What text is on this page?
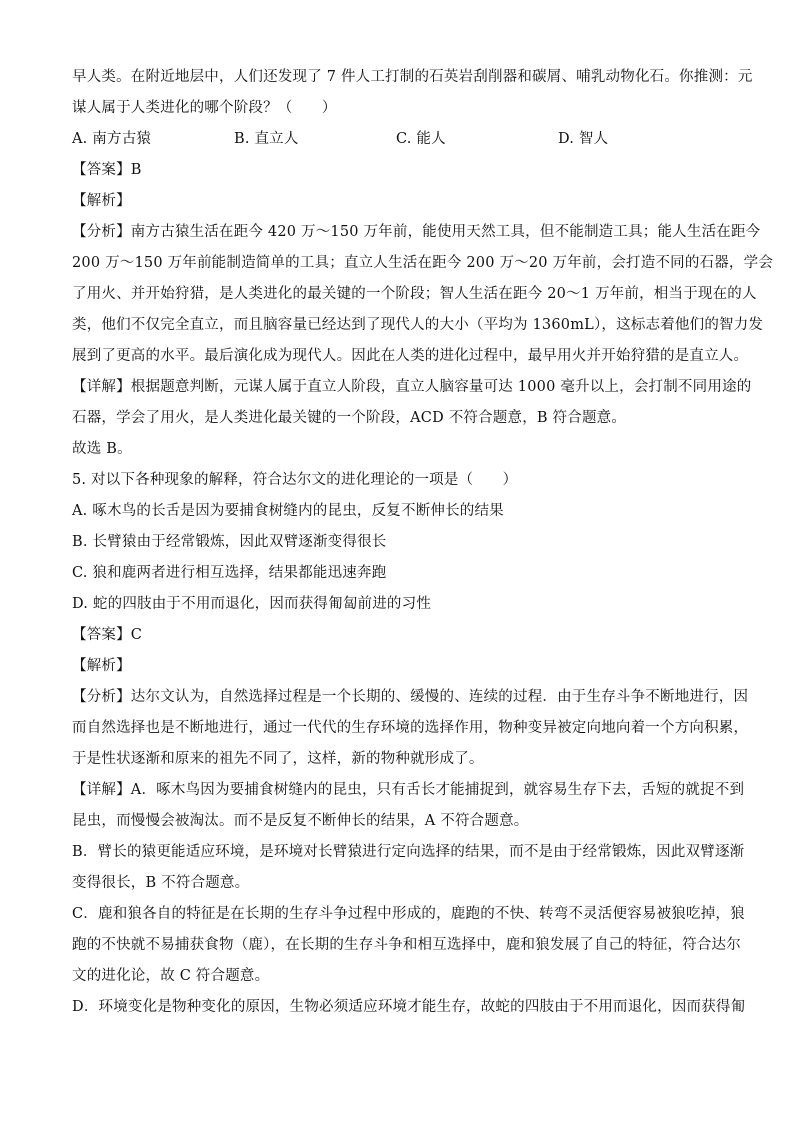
早人类。在附近地层中，人们还发现了 7 件人工打制的石英岩刮削器和碳屑、哺乳动物化石。你推测：元
谋人属于人类进化的哪个阶段？（　　）
A. 南方古猿	B. 直立人	C. 能人	D. 智人
【答案】B
【解析】
【分析】南方古猿生活在距今 420 万～150 万年前，能使用天然工具，但不能制造工具；能人生活在距今
200 万～150 万年前能制造简单的工具；直立人生活在距今 200 万～20 万年前，会打造不同的石器，学会
了用火、并开始狩猎，是人类进化的最关键的一个阶段；智人生活在距今 20～1 万年前，相当于现在的人
类，他们不仅完全直立，而且脑容量已经达到了现代人的大小（平均为 1360mL），这标志着他们的智力发
展到了更高的水平。最后演化成为现代人。因此在人类的进化过程中，最早用火并开始狩猎的是直立人。
【详解】根据题意判断，元谋人属于直立人阶段，直立人脑容量可达 1000 毫升以上，会打制不同用途的
石器，学会了用火，是人类进化最关键的一个阶段，ACD 不符合题意，B 符合题意。
故选 B。
5. 对以下各种现象的解释，符合达尔文的进化理论的一项是（　　）
A. 啄木鸟的长舌是因为要捕食树缝内的昆虫，反复不断伸长的结果
B. 长臂猿由于经常锻炼，因此双臂逐渐变得很长
C. 狼和鹿两者进行相互选择，结果都能迅速奔跑
D. 蛇的四肢由于不用而退化，因而获得匍匐前进的习性
【答案】C
【解析】
【分析】达尔文认为，自然选择过程是一个长期的、缓慢的、连续的过程．由于生存斗争不断地进行，因
而自然选择也是不断地进行，通过一代代的生存环境的选择作用，物种变异被定向地向着一个方向积累，
于是性状逐渐和原来的祖先不同了，这样，新的物种就形成了。
【详解】A．啄木鸟因为要捕食树缝内的昆虫，只有舌长才能捕捉到，就容易生存下去，舌短的就捉不到
昆虫，而慢慢会被淘汰。而不是反复不断伸长的结果，A 不符合题意。
B．臂长的猿更能适应环境，是环境对长臂猿进行定向选择的结果，而不是由于经常锻炼，因此双臂逐渐
变得很长，B 不符合题意。
C．鹿和狼各自的特征是在长期的生存斗争过程中形成的，鹿跑的不快、转弯不灵活便容易被狼吃掉，狼
跑的不快就不易捕获食物（鹿），在长期的生存斗争和相互选择中，鹿和狼发展了自己的特征，符合达尔
文的进化论，故 C 符合题意。
D．环境变化是物种变化的原因，生物必须适应环境才能生存，故蛇的四肢由于不用而退化，因而获得匍
